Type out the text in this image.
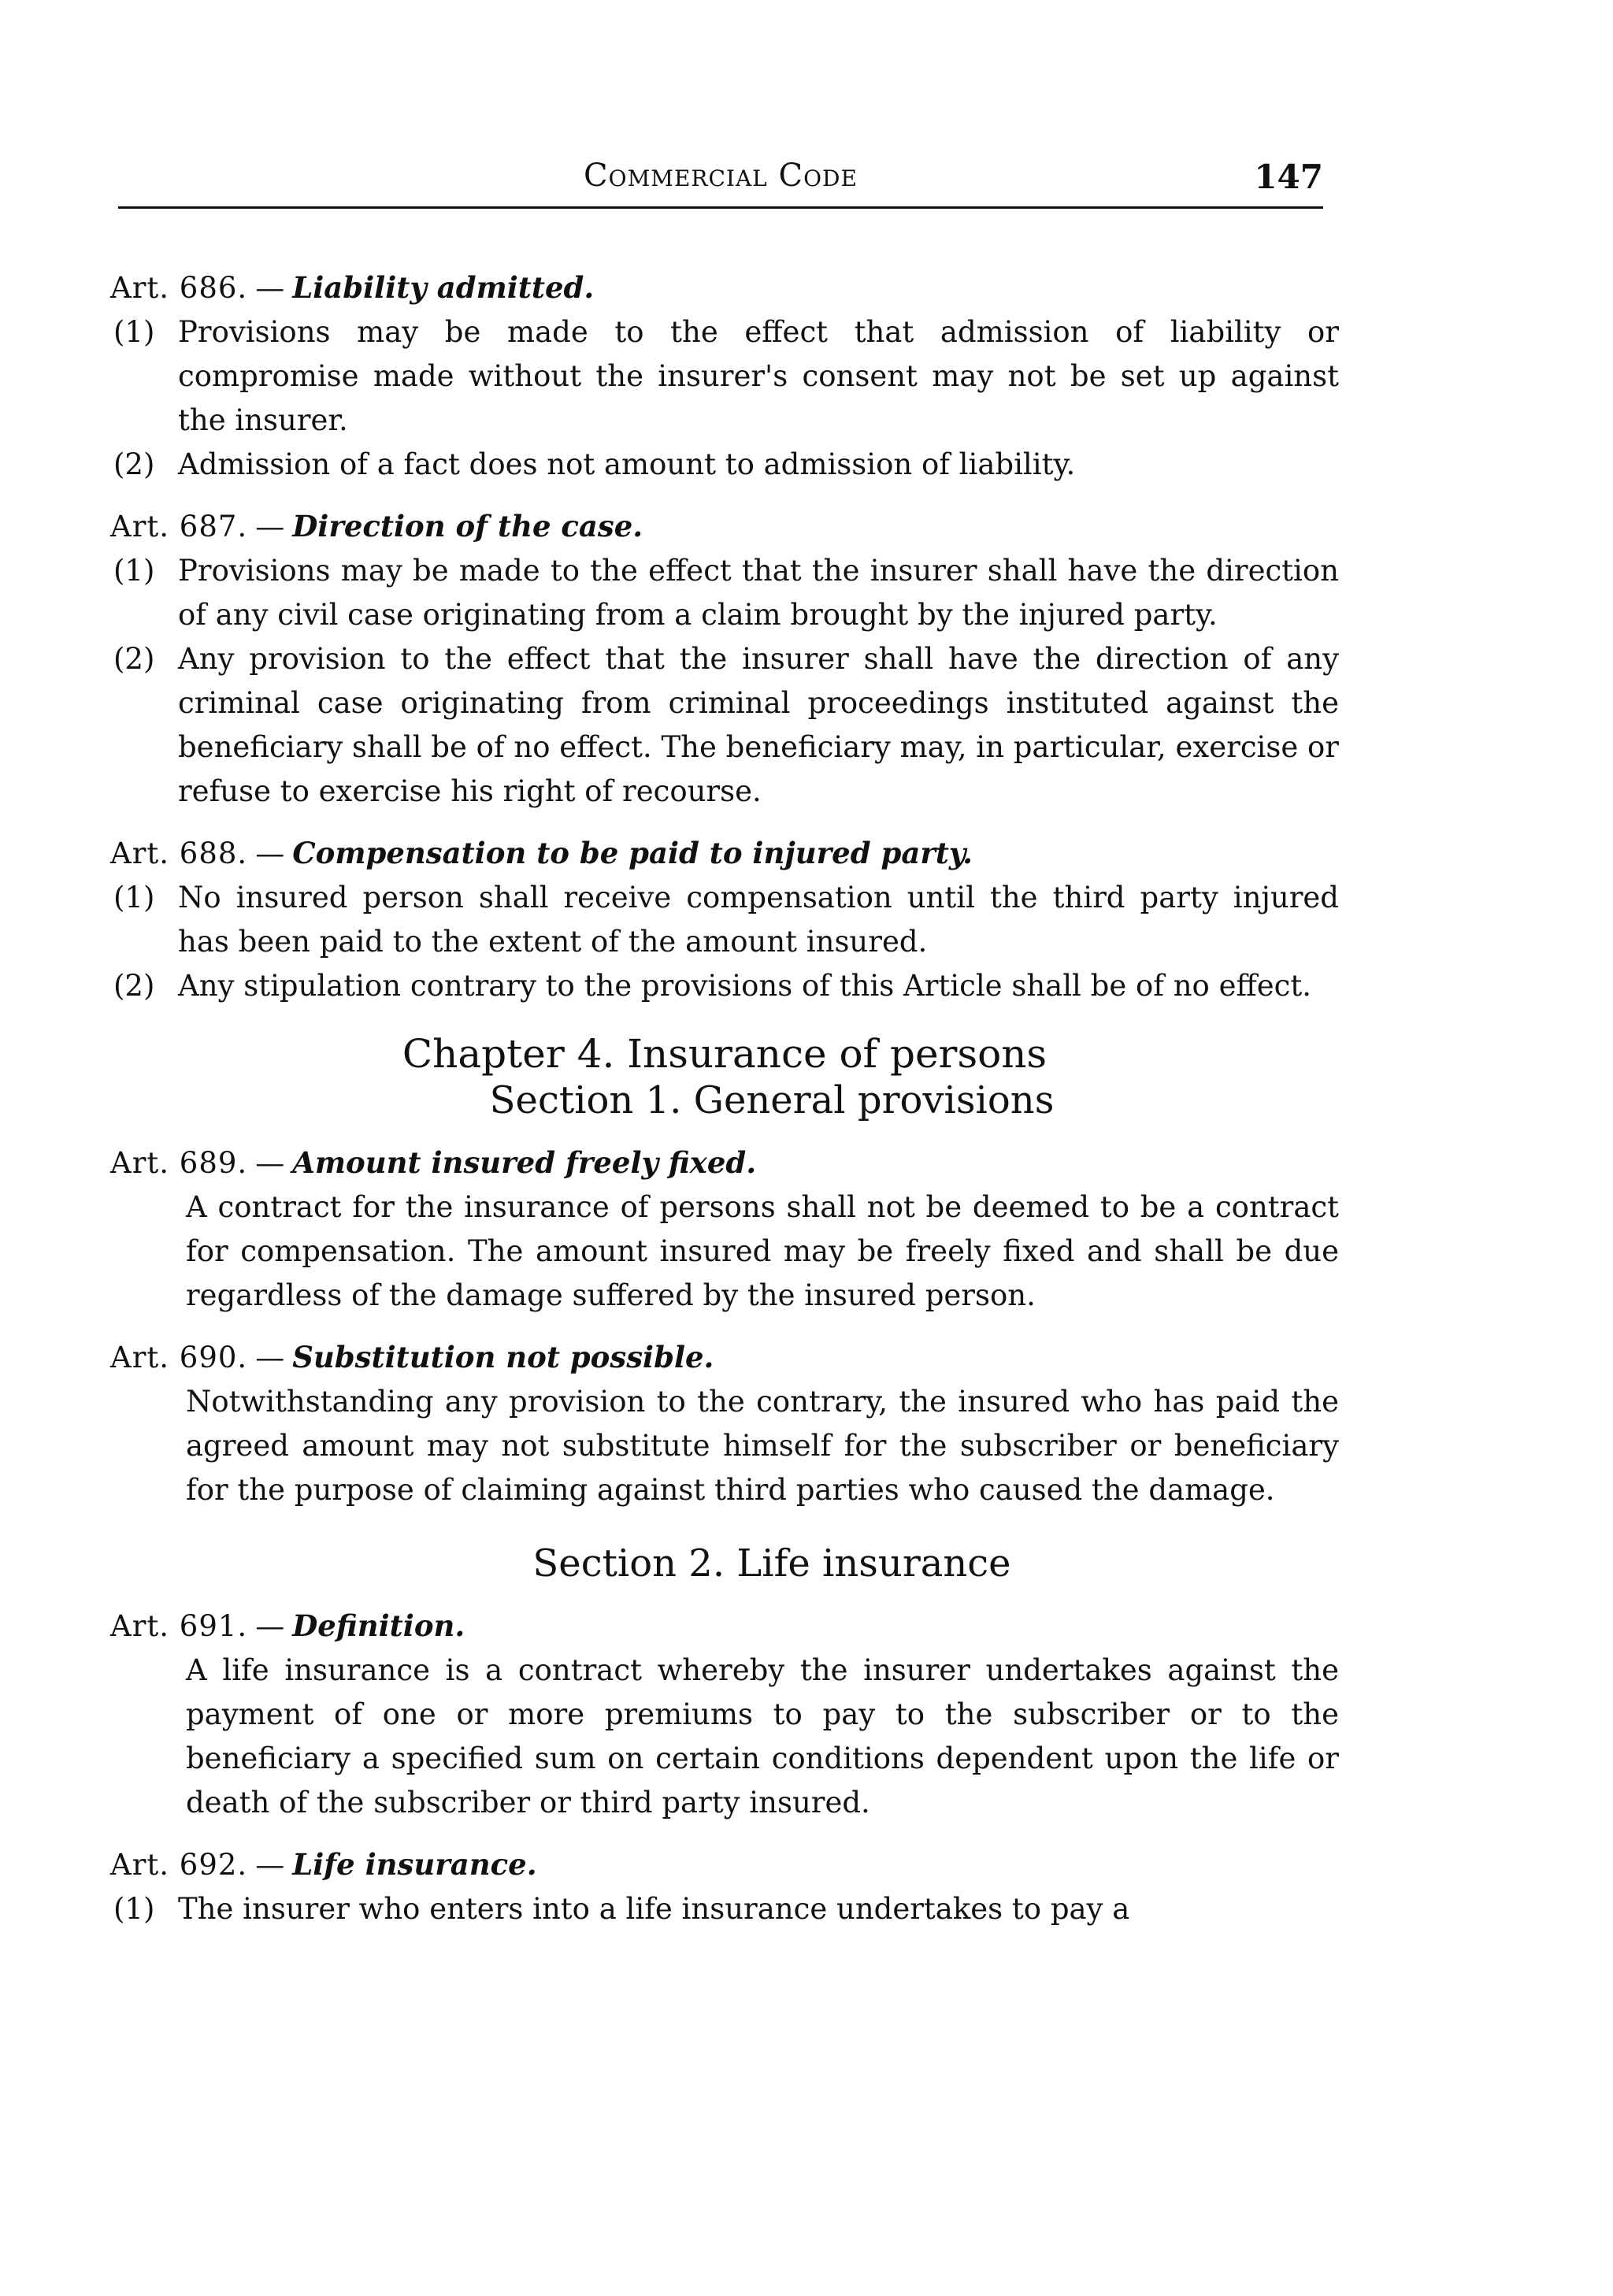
Commercial Code	147
Art. 686. — Liability admitted.
(1) Provisions may be made to the effect that admission of liability or compromise made without the insurer's consent may not be set up against the insurer.
(2) Admission of a fact does not amount to admission of liability.
Art. 687. — Direction of the case.
(1) Provisions may be made to the effect that the insurer shall have the direction of any civil case originating from a claim brought by the injured party.
(2) Any provision to the effect that the insurer shall have the direction of any criminal case originating from criminal proceedings instituted against the beneficiary shall be of no effect. The beneficiary may, in particular, exercise or refuse to exercise his right of recourse.
Art. 688. — Compensation to be paid to injured party.
(1) No insured person shall receive compensation until the third party injured has been paid to the extent of the amount insured.
(2) Any stipulation contrary to the provisions of this Article shall be of no effect.
Chapter 4. Insurance of persons
Section 1. General provisions
Art. 689. — Amount insured freely fixed.
A contract for the insurance of persons shall not be deemed to be a contract for compensation. The amount insured may be freely fixed and shall be due regardless of the damage suffered by the insured person.
Art. 690. — Substitution not possible.
Notwithstanding any provision to the contrary, the insured who has paid the agreed amount may not substitute himself for the subscriber or beneficiary for the purpose of claiming against third parties who caused the damage.
Section 2. Life insurance
Art. 691. — Definition.
A life insurance is a contract whereby the insurer undertakes against the payment of one or more premiums to pay to the subscriber or to the beneficiary a specified sum on certain conditions dependent upon the life or death of the subscriber or third party insured.
Art. 692. — Life insurance.
(1) The insurer who enters into a life insurance undertakes to pay a
